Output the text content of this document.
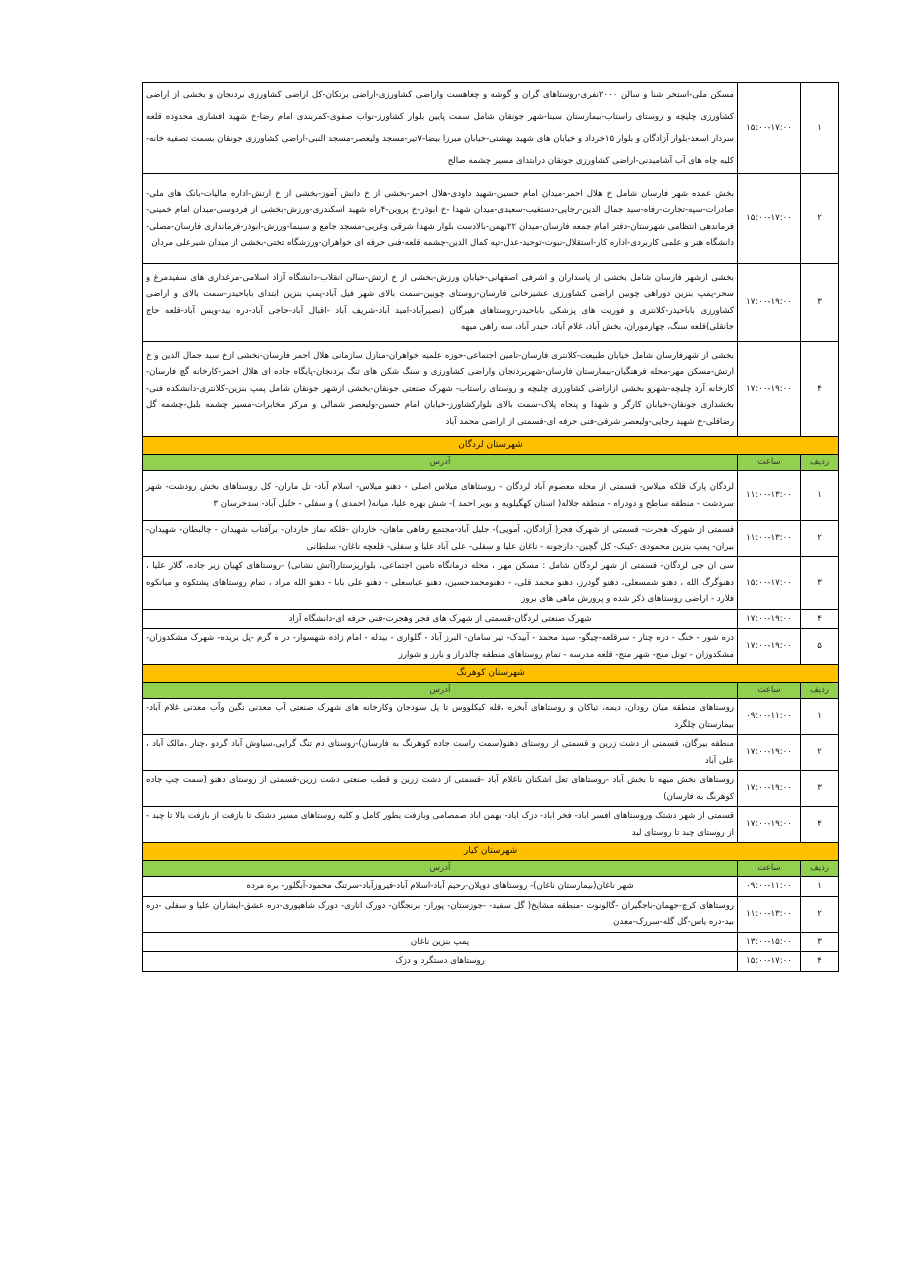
۱	۱۵:۰۰-۱۷:۰۰	مسکن ملی-استخر شنا و سالن ۲۰۰۰نفری-روستاهای گران و گوشه و چغاهست واراضی کشاورزی-اراضی برنکان-کل اراضی کشاورزی بردنجان و بخشی از اراضی کشاورزی چلیچه و روستای راستاب-بیمارستان سینا-شهر جونقان شامل سمت پایین بلوار کشاورز-نواب صفوی-کمربندی امام رضا-خ شهید افشاری محدوده قلعه سردار اسعد-بلوار آزادگان و بلوار ۱۵خرداد و خیابان های شهید بهشتی-خیابان میرزا بیضا-۷تیر-مسجد ولیعصر-مسجد النبی-اراضی کشاورزی جونقان بسمت تصفیه خانه-کلیه چاه های آب آشامیدنی-اراضی کشاورزی جونقان درابتدای مسیر چشمه صالح
۲	۱۵:۰۰-۱۷:۰۰	بخش عمده شهر فارسان شامل خ هلال احمر-میدان امام حسین-شهید داودی-هلال احمر-بخشی از خ دانش آموز-بخشی از خ ارتش-اداره مالیات-بانک های ملی-صادرات-سپه-تجارت-رفاه-سید جمال الدین-رجایی-دستغیب-سعیدی-میدان شهدا -خ ابوذر-خ پروین-۴راه شهید اسکندری-ورزش-بخشی از فردوسی-میدان امام خمینی-فرماندهی انتظامی شهرستان-دفتر امام جمعه فارسان-میدان ۲۲بهمن-بالادست بلوار شهدا شرقی وغربی-مسجد جامع و سینما-ورزش-ابوذر-فرمانداری فارسان-مصلی-دانشگاه هنر و علمی کاربردی-اداره کار-استقلال-نبوت-توحید-عدل-تپه کمال الدین-چشمه قلعه-فنی حرفه ای خواهران-ورزشگاه تختی-بخشی از میدان شیرعلی مردان
۳	۱۷:۰۰-۱۹:۰۰	بخشی ازشهر فارسان شامل بخشی از پاسداران و اشرفی اصفهانی-خیابان ورزش-بخشی از خ ارتش-سالن انقلاب-دانشگاه آزاد اسلامی-مرغداری های سفیدمرغ و سحر-پمپ بنزین دوراهی چوبین اراضی کشاورزی عشیرخانی فارسان-روستای چوبین-سمت بالای شهر فیل آباد-پمپ بنزین ابتدای باباحیدر-سمت بالای و اراضی کشاورزی باباحیدر-کلانتری و فوریت های پزشکی باباحیدر-روستاهای هیرگان (نصیرآباد-امید آباد-شریف آباد -اقبال آباد-حاجی آباد-دره بید-ویس آباد-قلعه حاج جانقلی)قلعه سنگ، چهارموران، بخش آباد، غلام آباد، حیدر آباد، سه راهی میهه
۴	۱۷:۰۰-۱۹:۰۰	بخشی از شهرفارسان شامل خیابان طبیعت-کلانتری فارسان-تامین اجتماعی-حوزه علمیه خواهران-منازل سازمانی هلال احمر فارسان-بخشی ازخ سید جمال الدین و خ ارتش-مسکن مهر-محله فرهنگیان-بیمارستان فارسان-شهربردنجان واراضی کشاورزی و سنگ شکن های تنگ بردنجان-پایگاه جاده ای هلال احمر-کارخانه گچ فارسان-کارخانه آرد چلیچه-شهرو بخشی ازاراضی کشاورزی چلیچه و روستای راستاب- شهرک صنعتی جونقان-بخشی ازشهر جونقان شامل پمپ بنزین-کلانتری-دانشکده فنی-بخشداری جونقان-خیابان کارگر و شهدا و پنجاه پلاک-سمت بالای بلوارکشاورز-خیابان امام حسین-ولیعصر شمالی و مرکز مخابرات-مسیر چشمه بلبل-چشمه گل رضاقلی-خ شهید رجایی-ولیعصر شرقی-فنی حرفه ای-قسمتی از اراضی محمد آباد
شهرستان لردگان		
ردیف	ساعت	آدرس
۱	۱۱:۰۰-۱۳:۰۰	لردگان پارک قلکه میلاس- قسمتی از محله معصوم آباد لردگان - روستاهای میلاس اصلی - دهنو میلاس- اسلام آباد- تل ماران- کل روستاهای بخش رودشت- شهر سردشت - منطقه ساطح و دودراه - منطقه جلاله( استان کهگیلویه و بویر احمد )- شش بهره علیا، میانه( احمدی ) و سفلی - خلیل آباد- سدخرسان ۳
۲	۱۱:۰۰-۱۳:۰۰	قسمتی از شهرک هجرت- قسمتی از شهرک فجر( آزادگان، آمویی)- جلیل آباد-مجتمع رفاهی ماهان- خاردان -قلکه نماز خاردان- برآفتاب شهیدان - چالبطان- شهیدان- بیران- پمپ بنزین محمودی -کینک- کل گچین- دارجونه - ناغان علیا و سفلی- علی آباد علیا و سفلی- قلعچه ناغان- سلطانی
۳	۱۵:۰۰-۱۷:۰۰	سی ان جی لردگان- قسمتی از شهر لردگان شامل : مسکن مهر ، محله درمانگاه تامین اجتماعی، بلوارپرستار(آتش نشانی) -روستاهای کهیان زیر جاده، گلار علیا ، دهنوگرگ الله ، دهنو شمسعلی، دهنو گودرز، دهنو محمد قلی، - دهنومحمدحسین، دهنو عباسعلی - دهنو علی بابا - دهنو الله مراد ، تمام روستاهای پشتکوه و میانکوه فلارد - اراضی روستاهای ذکر شده و پرورش ماهی های بروز
۴	۱۷:۰۰-۱۹:۰۰	شهرک صنعتی لردگان-قسمتی از شهرک های فجر وهجرت-فنی حرفه ای-دانشگاه آزاد
۵	۱۷:۰۰-۱۹:۰۰	دره شور - خنگ - دره چنار - سرقلعه-چیگو- سید محمد - آبیدک- تیر سامان- البرز آباد - گلواری - بیدله - امام زاده شهسوار- در ه گرم -پل بریده- شهرک مشکدوزان- مشکدوزان - تونل منج- شهر منج- قلعه مدرسه - تمام روستاهای منطقه چالدراز و بارز و شوارز
شهرستان کوهرنگ		
ردیف	ساعت	آدرس
۱	۰۹:۰۰-۱۱:۰۰	روستاهای منطقه میان رودان، دیمه، تیاکان و روستاهای آبخره ،قله کیکلووس تا پل سودجان وکارخانه های شهرک صنعتی آب معدنی نگین وآب معدنی غلام آباد- بیمارستان چلگرد
۲	۱۷:۰۰-۱۹:۰۰	منطقه بیرگان، قسمتی از دشت زرین و قسمتی از روستای دهنو(سمت راست جاده کوهرنگ به فارسان)-روستای دم تنگ گرایی،سیاوش آباد گردو ،چنار ،مالک آباد ، علی آباد
۳	۱۷:۰۰-۱۹:۰۰	روستاهای بخش میهه تا بخش آباد -روستاهای تعل اشکنان ناغلام آباد -قسمتی از دشت زرین و قطب صنعتی دشت زرین-قسمتی از روستای دهنو (سمت چپ جاده کوهرنگ به فارسان)
۴	۱۷:۰۰-۱۹:۰۰	قسمتی از شهر دشتک وروستاهای افسر اباد- فخر اباد- دزک اباد- بهمن اباد صمصامی وبازفت بطور کامل و کلیه روستاهای مسیر دشتک تا بازفت از بازفت بالا تا چبد - از روستای چبد تا روستای لبد
شهرستان کیار		
ردیف	ساعت	آدرس
۱	۰۹:۰۰-۱۱:۰۰	شهر ناغان(بیمارستان ناغان)- روستاهای دوپلان-رحیم آباد-اسلام آباد-فیروزآباد-سرتنگ محمود-آبگلور- بره مرده
۲	۱۱:۰۰-۱۳:۰۰	روستاهای کرچ-جهمان-باجگیران -گالونوت -منطقه مشایخ( گل سفید- -جوزستان- پوراز- برنجگان- دورک اناری- دورک شاهپوری-دره عشق-ایشاران علیا و سفلی -دره بید-دره یاس-گل گله-سررک-معدن
۳	۱۳:۰۰-۱۵:۰۰	پمپ بنزین ناغان
۴	۱۵:۰۰-۱۷:۰۰	روستاهای دستگرد و دزک
